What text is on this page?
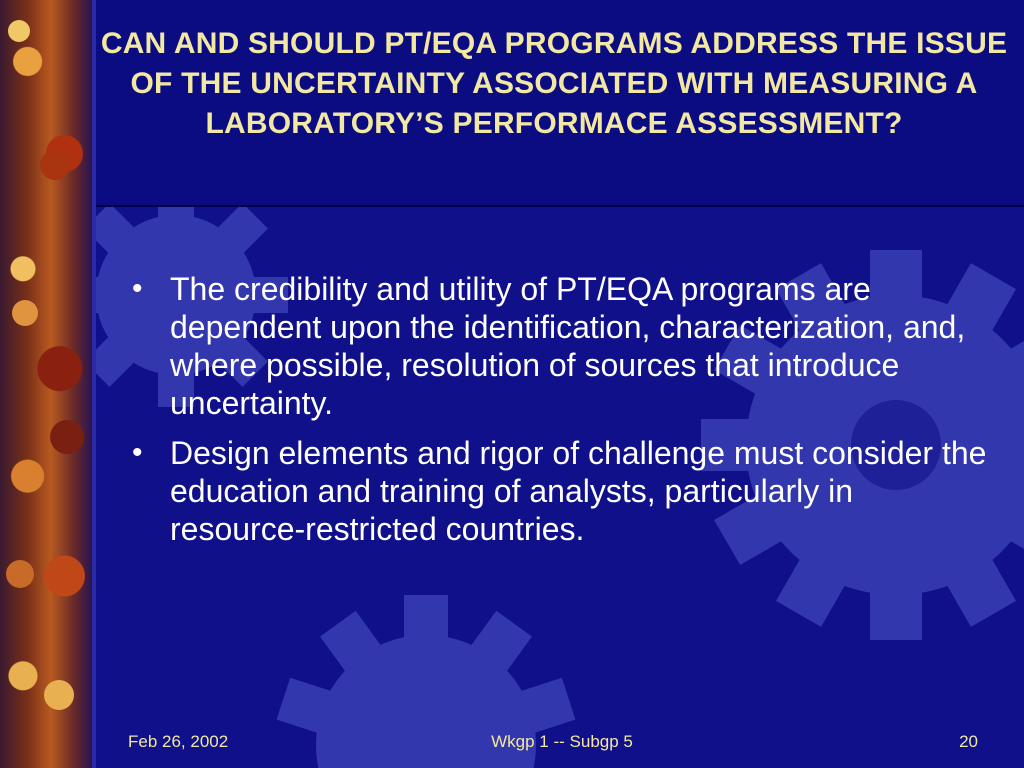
CAN AND SHOULD PT/EQA PROGRAMS ADDRESS THE ISSUE OF THE UNCERTAINTY ASSOCIATED WITH MEASURING A LABORATORY’S PERFORMACE ASSESSMENT?
• The credibility and utility of PT/EQA programs are dependent upon the identification, characterization, and, where possible, resolution of sources that introduce uncertainty.
• Design elements and rigor of challenge must consider the education and training of analysts, particularly in resource-restricted countries.
Feb 26, 2002	Wkgp 1 -- Subgp 5	20
